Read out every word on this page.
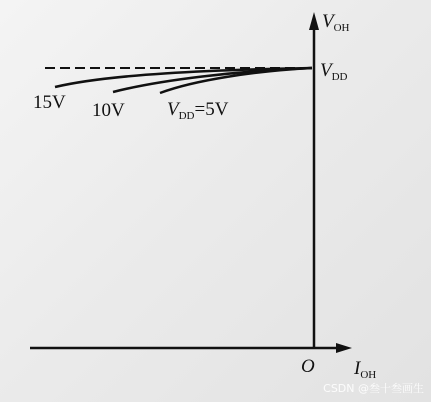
$V_{OH}$
$V_{DD}$
O $I_{OH}$
15V 10V $V_{DD}=5V$
CSDN @叁十叁画生
